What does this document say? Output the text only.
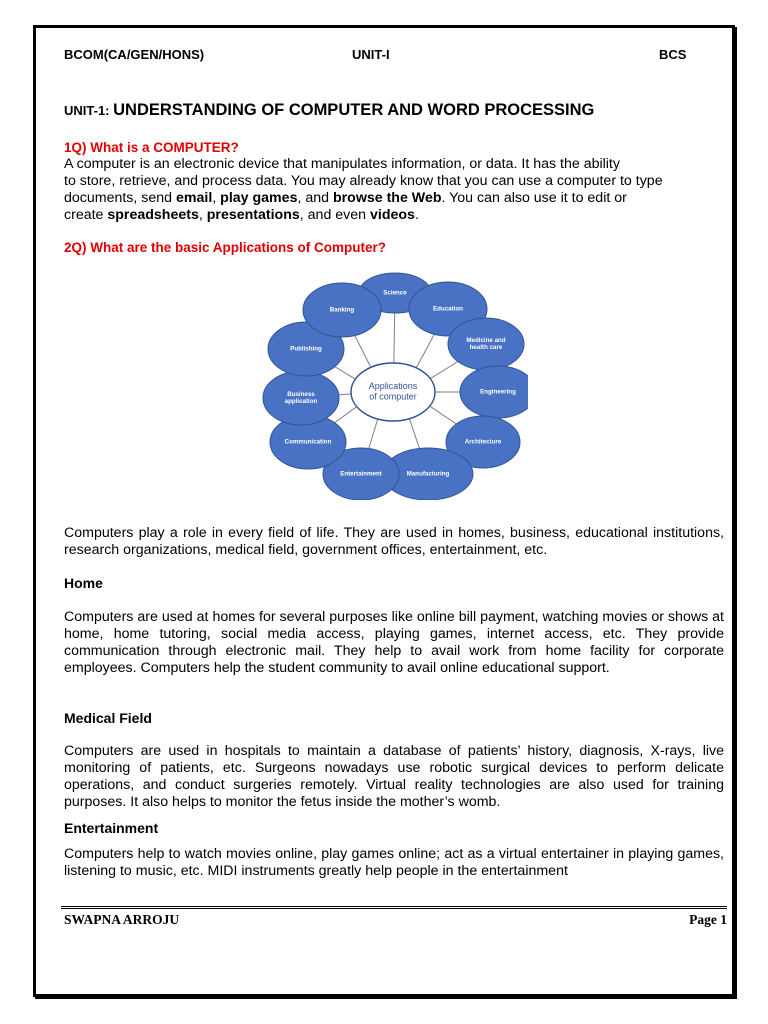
BCOM(CA/GEN/HONS)	UNIT-I	BCS
UNIT-1: UNDERSTANDING OF COMPUTER AND WORD PROCESSING
1Q) What is a COMPUTER?
A computer is an electronic device that manipulates information, or data. It has the ability
to store, retrieve, and process data. You may already know that you can use a computer to type
documents, send email, play games, and browse the Web. You can also use it to edit or
create spreadsheets, presentations, and even videos.
2Q) What are the basic Applications of Computer?
Science
Education
Medicine and
health care
Engineering
Architecture
Manufacturing
Entertainment
Communication
Business
application
Publishing
Banking
Applications
of computer
Computers play a role in every field of life. They are used in homes, business, educational institutions, research organizations, medical field, government offices, entertainment, etc.
Home
Computers are used at homes for several purposes like online bill payment, watching movies or shows at home, home tutoring, social media access, playing games, internet access, etc. They provide communication through electronic mail. They help to avail work from home facility for corporate employees. Computers help the student community to avail online educational support.
Medical Field
Computers are used in hospitals to maintain a database of patients’ history, diagnosis, X-rays, live monitoring of patients, etc. Surgeons nowadays use robotic surgical devices to perform delicate operations, and conduct surgeries remotely. Virtual reality technologies are also used for training purposes. It also helps to monitor the fetus inside the mother’s womb.
Entertainment
Computers help to watch movies online, play games online; act as a virtual entertainer in playing games, listening to music, etc. MIDI instruments greatly help people in the entertainment
SWAPNA ARROJU	Page 1
